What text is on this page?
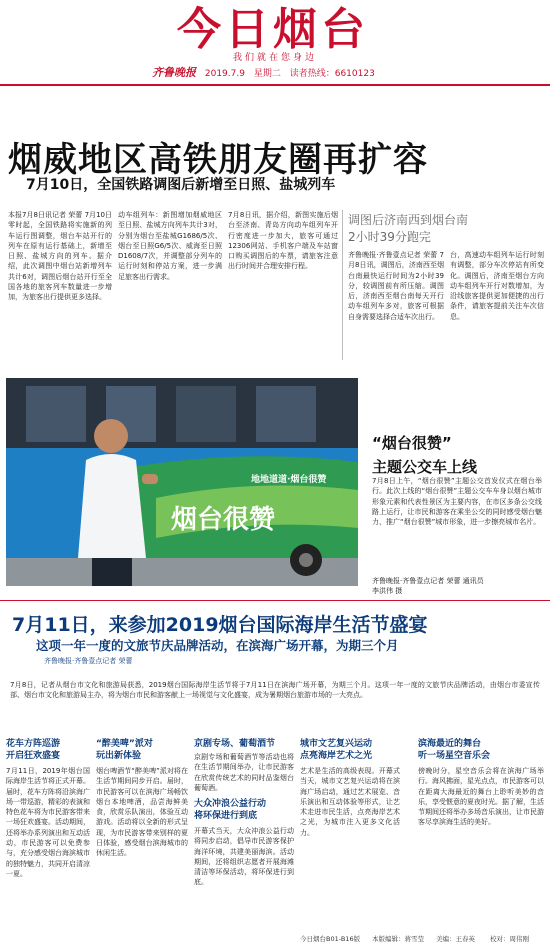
今日烟台
我们就在您身边
齐鲁晚报 2019.7.9 星期二 读者热线：6610123
烟威地区高铁朋友圈再扩容
7月10日，全国铁路调图后新增至日照、盐城列车
本报7月8日讯记者 荣蕾 7月10日零时起，全国铁路将实施新的列车运行图调整，烟台车站开行的列车在原有运行基础上，新增至日照、盐城方向的列车。据介绍，此次调图中烟台站新增列车共计6对，调图后烟台站开行至全国各地的旅客列车数量进一步增加，为旅客出行提供更多选择。
动车组列车：新图增加烟威地区至日照、盐城方向列车共计3对，分别为烟台至盐城G1686/5次、烟台至日照G6/5次、威海至日照D1608/7次，并调整部分列车的运行时刻和停站方案，进一步满足旅客出行需求。
7月8日讯，据介绍，新图实施后烟台至济南、青岛方向动车组列车开行密度进一步加大，旅客可通过12306网站、手机客户端及车站窗口购买调图后的车票，请旅客注意出行时间并合理安排行程。
调图后济南西到烟台南2小时39分跑完
齐鲁晚报·齐鲁壹点记者 荣蕾 7月8日讯，调图后，济南西至烟台南最快运行时间为2小时39分，较调图前有所压缩。调图后，济南西至烟台南每天开行动车组列车多对，旅客可根据自身需要选择合适车次出行。
台，高速动车组列车运行时刻有调整，部分车次停站有所变化。调图后，济南至烟台方向动车组列车开行对数增加，为沿线旅客提供更加便捷的出行条件，请旅客提前关注车次信息。
烟台很赞
地地道道·烟台很赞
“烟台很赞”
主题公交车上线
7月8日上午，“烟台很赞”主题公交首发仪式在烟台举行。此次上线的“烟台很赞”主题公交车车身以烟台城市形象元素和代表性景区为主要内容，在市区多条公交线路上运行，让市民和游客在乘坐公交的同时感受烟台魅力，推广“烟台很赞”城市形象，进一步擦亮城市名片。
齐鲁晚报·齐鲁壹点记者 荣蕾 通讯员
李洪伟 摄
7月11日，来参加2019烟台国际海岸生活节盛宴
这项一年一度的文旅节庆品牌活动，在滨海广场开幕，为期三个月
齐鲁晚报·齐鲁壹点记者 荣蕾
7月8日，记者从烟台市文化和旅游局获悉，2019烟台国际海岸生活节将于7月11日在滨海广场开幕，为期三个月。这项一年一度的文旅节庆品牌活动，由烟台市委宣传部、烟台市文化和旅游局主办，将为烟台市民和游客献上一场视觉与文化盛宴，成为暑期烟台旅游市场的一大亮点。
花车方阵巡游
开启狂欢盛宴
7月11日，2019年烟台国际海岸生活节将正式开幕。届时，花车方阵将沿滨海广场一带巡游，精彩的表演和特色花车将为市民游客带来一场狂欢盛宴。活动期间，还将举办系列演出和互动活动，市民游客可以免费参与，充分感受烟台海滨城市的独特魅力，共同开启清凉一夏。
“醉美啤”派对
玩出新体验
烟台啤酒节“醉美啤”派对将在生活节期间同步开启。届时，市民游客可以在滨海广场畅饮烟台本地啤酒，品尝海鲜美食，欣赏乐队演出，体验互动游戏。活动将以全新的形式呈现，为市民游客带来别样的夏日体验，感受烟台滨海城市的休闲生活。
京剧专场、葡萄酒节
京剧专场和葡萄酒节等活动也将在生活节期间举办，让市民游客在欣赏传统艺术的同时品鉴烟台葡萄酒。
大众冲浪公益行动
将环保进行到底
开幕式当天，大众冲浪公益行动将同步启动，倡导市民游客保护海洋环境，共建美丽海滨。活动期间，还将组织志愿者开展海滩清洁等环保活动，将环保进行到底。
城市文艺复兴运动
点亮海岸艺术之光
艺术是生活的高级表现。开幕式当天，城市文艺复兴运动将在滨海广场启动，通过艺术展览、音乐演出和互动体验等形式，让艺术走进市民生活，点亮海岸艺术之光，为城市注入更多文化活力。
滨海最近的舞台
听一场星空音乐会
傍晚时分，星空音乐会将在滨海广场举行。海风拂面，星光点点，市民游客可以在距离大海最近的舞台上聆听美妙的音乐，享受惬意的夏夜时光。据了解，生活节期间还将举办多场音乐演出，让市民游客尽享滨海生活的美好。
今日烟台B01-B16版 本版编辑：蒋雪莹 美编：王春英 校对：周伟刚
